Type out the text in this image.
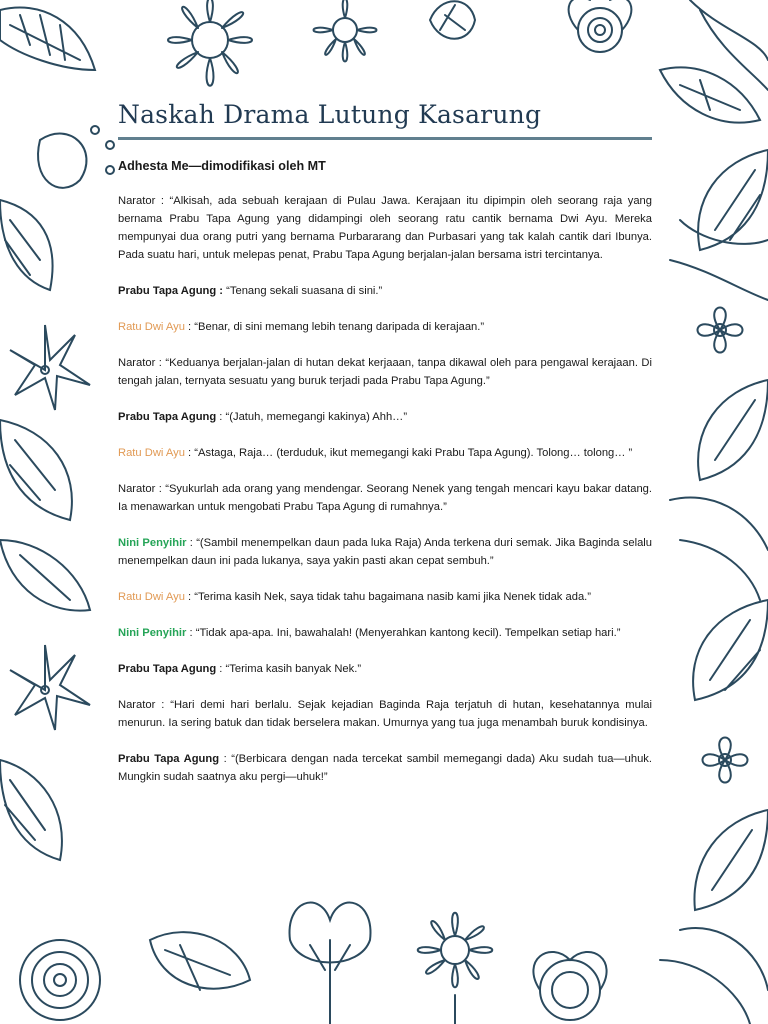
Naskah Drama Lutung Kasarung
Adhesta Me—dimodifikasi oleh MT

Narator : “Alkisah, ada sebuah kerajaan di Pulau Jawa. Kerajaan itu dipimpin oleh seorang raja yang bernama Prabu Tapa Agung yang didampingi oleh seorang ratu cantik bernama Dwi Ayu. Mereka mempunyai dua orang putri yang bernama Purbararang dan Purbasari yang tak kalah cantik dari Ibunya. Pada suatu hari, untuk melepas penat, Prabu Tapa Agung berjalan-jalan bersama istri tercintanya.

Prabu Tapa Agung : “Tenang sekali suasana di sini.”

Ratu Dwi Ayu : “Benar, di sini memang lebih tenang daripada di kerajaan.”

Narator : “Keduanya berjalan-jalan di hutan dekat kerjaaan, tanpa dikawal oleh para pengawal kerajaan. Di tengah jalan, ternyata sesuatu yang buruk terjadi pada Prabu Tapa Agung.”

Prabu Tapa Agung : “(Jatuh, memegangi kakinya) Ahh…”

Ratu Dwi Ayu : “Astaga, Raja… (terduduk, ikut memegangi kaki Prabu Tapa Agung). Tolong… tolong… ”

Narator : “Syukurlah ada orang yang mendengar. Seorang Nenek yang tengah mencari kayu bakar datang. Ia menawarkan untuk mengobati Prabu Tapa Agung di rumahnya.”

Nini Penyihir : “(Sambil menempelkan daun pada luka Raja) Anda terkena duri semak. Jika Baginda selalu menempelkan daun ini pada lukanya, saya yakin pasti akan cepat sembuh.”

Ratu Dwi Ayu : “Terima kasih Nek, saya tidak tahu bagaimana nasib kami jika Nenek tidak ada.”

Nini Penyihir : “Tidak apa-apa. Ini, bawahalah! (Menyerahkan kantong kecil). Tempelkan setiap hari.”

Prabu Tapa Agung : “Terima kasih banyak Nek.”

Narator : “Hari demi hari berlalu. Sejak kejadian Baginda Raja terjatuh di hutan, kesehatannya mulai menurun. Ia sering batuk dan tidak berselera makan. Umurnya yang tua juga menambah buruk kondisinya.

Prabu Tapa Agung : “(Berbicara dengan nada tercekat sambil memegangi dada) Aku sudah tua—uhuk. Mungkin sudah saatnya aku pergi—uhuk!”
